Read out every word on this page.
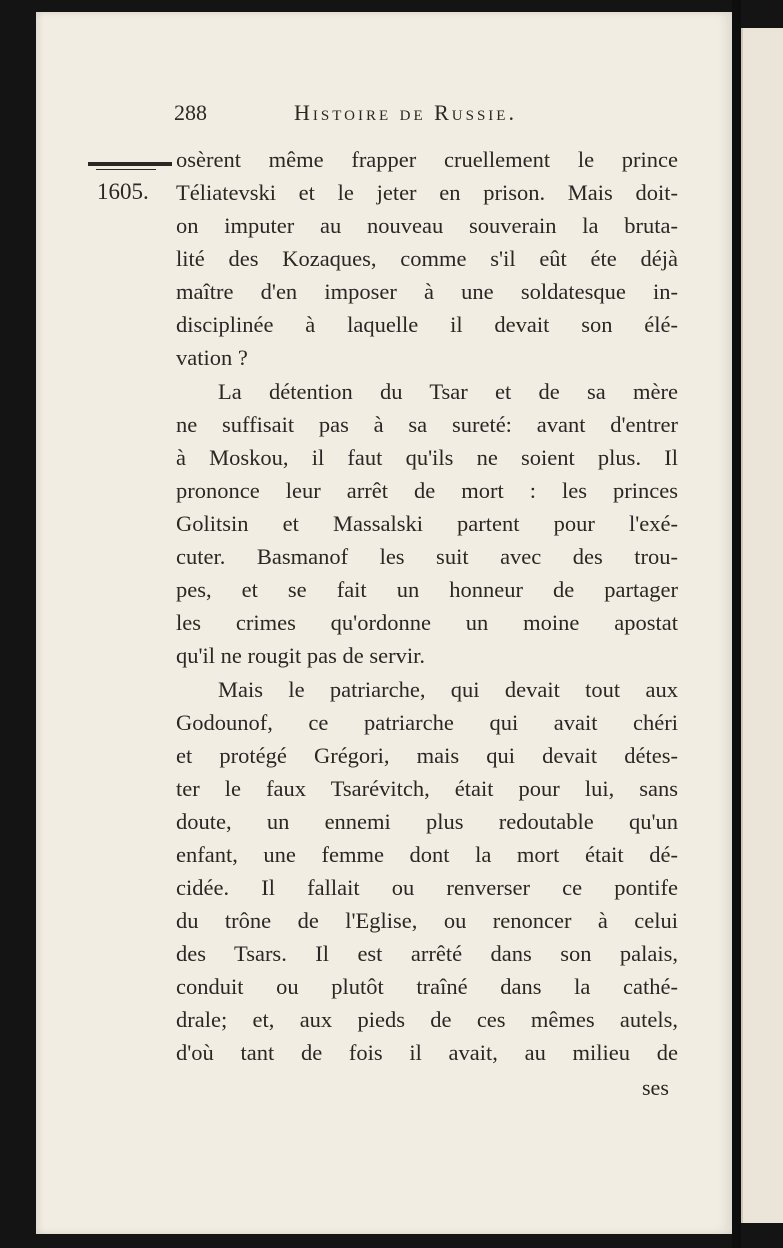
288	Histoire de Russie.
1605.
osèrent même frapper cruellement le prince
Téliatevski et le jeter en prison. Mais doit-
on imputer au nouveau souverain la bruta-
lité des Kozaques, comme s'il eût éte déjà
maître d'en imposer à une soldatesque in-
disciplinée à laquelle il devait son élé-
vation ?
La détention du Tsar et de sa mère
ne suffisait pas à sa sureté: avant d'entrer
à Moskou, il faut qu'ils ne soient plus. Il
prononce leur arrêt de mort : les princes
Golitsin et Massalski partent pour l'exé-
cuter. Basmanof les suit avec des trou-
pes, et se fait un honneur de partager
les crimes qu'ordonne un moine apostat
qu'il ne rougit pas de servir.
Mais le patriarche, qui devait tout aux
Godounof, ce patriarche qui avait chéri
et protégé Grégori, mais qui devait détes-
ter le faux Tsarévitch, était pour lui, sans
doute, un ennemi plus redoutable qu'un
enfant, une femme dont la mort était dé-
cidée. Il fallait ou renverser ce pontife
du trône de l'Eglise, ou renoncer à celui
des Tsars. Il est arrêté dans son palais,
conduit ou plutôt traîné dans la cathé-
drale; et, aux pieds de ces mêmes autels,
d'où tant de fois il avait, au milieu de
ses
